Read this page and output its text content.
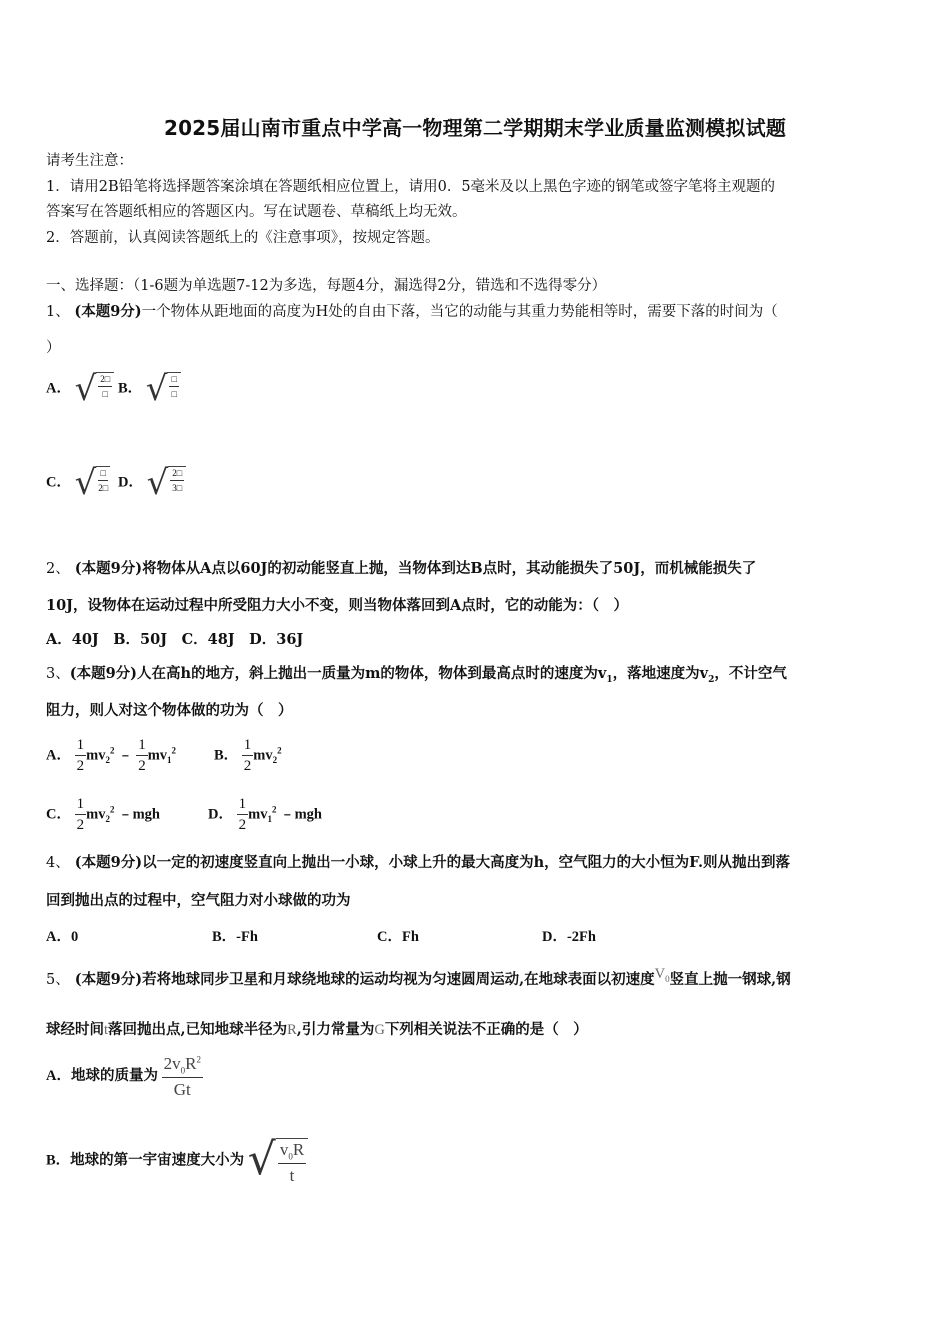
2025届山南市重点中学高一物理第二学期期末学业质量监测模拟试题
请考生注意：
1．请用2B铅笔将选择题答案涂填在答题纸相应位置上，请用0．5毫米及以上黑色字迹的钢笔或签字笔将主观题的
答案写在答题纸相应的答题区内。写在试题卷、草稿纸上均无效。
2．答题前，认真阅读答题纸上的《注意事项》，按规定答题。
一、选择题：（1-6题为单选题7-12为多选，每题4分，漏选得2分，错选和不选得零分）
1、 (本题9分)一个物体从距地面的高度为H处的自由下落，当它的动能与其重力势能相等时，需要下落的时间为（
）
A． √ $\frac{2□}{□}$ B． √ $\frac{□}{□}$
C． √ $\frac{□}{2□}$ D． √ $\frac{2□}{3□}$
2、 (本题9分)将物体从A点以60J的初动能竖直上抛，当物体到达B点时，其动能损失了50J，而机械能损失了
10J，设物体在运动过程中所受阻力大小不变，则当物体落回到A点时，它的动能为：（　）
A．40J　B．50J　C．48J　D．36J
3、(本题9分)人在高h的地方，斜上抛出一质量为m的物体，物体到最高点时的速度为$v_1$，落地速度为$v_2$，不计空气
阻力，则人对这个物体做的功为（　）
A． $\frac{1}{2} mv_2^2$ ﹣ $\frac{1}{2} mv_1^2$	B． $\frac{1}{2} mv_2^2$
C． $\frac{1}{2} mv_2^2$ ﹣mgh	D． $\frac{1}{2} mv_1^2$ ﹣mgh
4、 (本题9分)以一定的初速度竖直向上抛出一小球，小球上升的最大高度为h，空气阻力的大小恒为F.则从抛出到落
回到抛出点的过程中，空气阻力对小球做的功为
A．0	B．-Fh	C．Fh	D．-2Fh
5、 (本题9分)若将地球同步卫星和月球绕地球的运动均视为匀速圆周运动,在地球表面以初速度$V_0$竖直上抛一钢球,钢
球经时间t落回抛出点,已知地球半径为R,引力常量为G下列相关说法不正确的是（　）
A．地球的质量为 $\frac{2v_0R^2}{Gt}$
B．地球的第一宇宙速度大小为 √ $\frac{v_0R}{t}$
